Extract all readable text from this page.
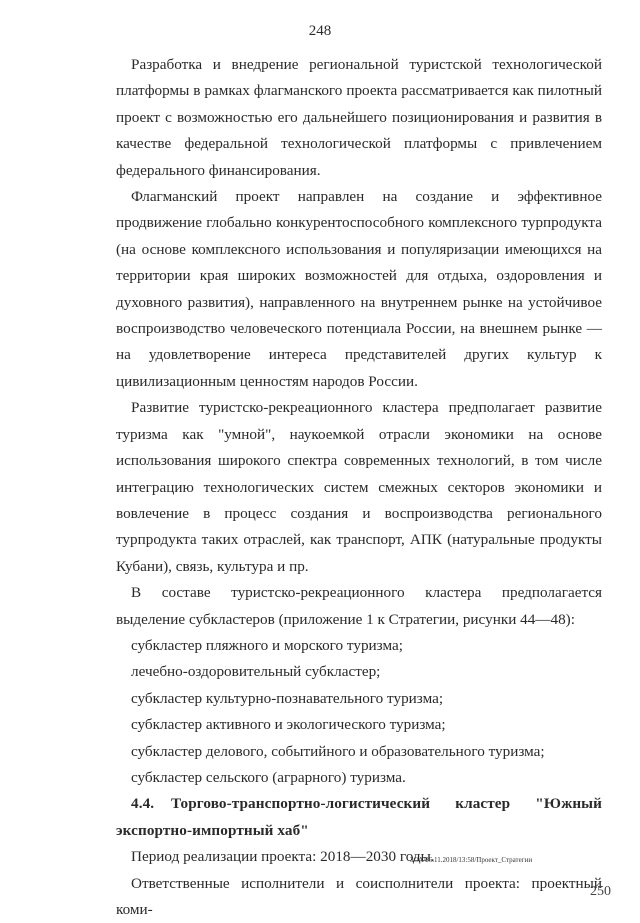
248

Разработка и внедрение региональной туристской технологической платформы в рамках флагманского проекта рассматривается как пилотный проект с возможностью его дальнейшего позиционирования и развития в качестве федеральной технологической платформы с привлечением федерального финансирования.

Флагманский проект направлен на создание и эффективное продвижение глобально конкурентоспособного комплексного турпродукта (на основе комплексного использования и популяризации имеющихся на территории края широких возможностей для отдыха, оздоровления и духовного развития), направленного на внутреннем рынке на устойчивое воспроизводство человеческого потенциала России, на внешнем рынке — на удовлетворение интереса представителей других культур к цивилизационным ценностям народов России.

Развитие туристско-рекреационного кластера предполагает развитие туризма как "умной", наукоемкой отрасли экономики на основе использования широкого спектра современных технологий, в том числе интеграцию технологических систем смежных секторов экономики и вовлечение в процесс создания и воспроизводства регионального турпродукта таких отраслей, как транспорт, АПК (натуральные продукты Кубани), связь, культура и пр.

В составе туристско-рекреационного кластера предполагается выделение субкластеров (приложение 1 к Стратегии, рисунки 44—48):

субкластер пляжного и морского туризма;

лечебно-оздоровительный субкластер;

субкластер культурно-познавательного туризма;

субкластер активного и экологического туризма;

субкластер делового, событийного и образовательного туризма;

субкластер сельского (аграрного) туризма.

4.4. Торгово-транспортно-логистический кластер "Южный экспортно-импортный хаб"

Период реализации проекта: 2018—2030 годы.

Ответственные исполнители и соисполнители проекта: проектный коми-

ЗОА/26.11.2018/13:58/Проект_Стратегии
250
